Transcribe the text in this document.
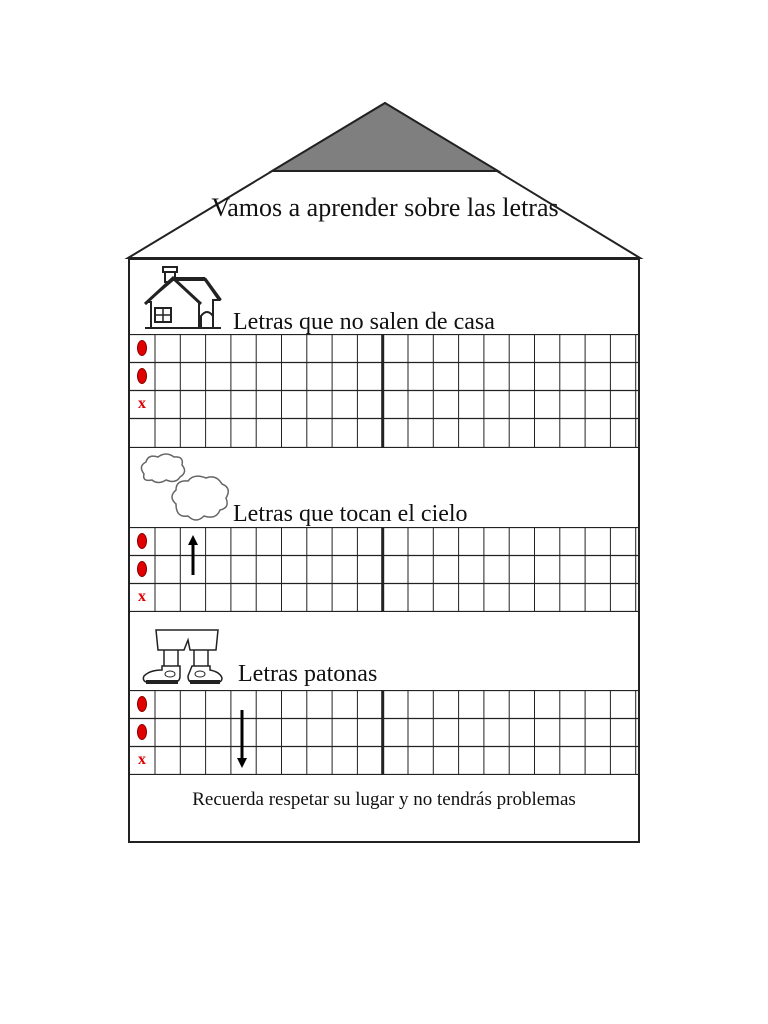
Vamos a aprender sobre las letras
Letras que no salen de casa
x
Letras que tocan el cielo
x
Letras patonas
x
Recuerda respetar su lugar y no tendrás problemas
